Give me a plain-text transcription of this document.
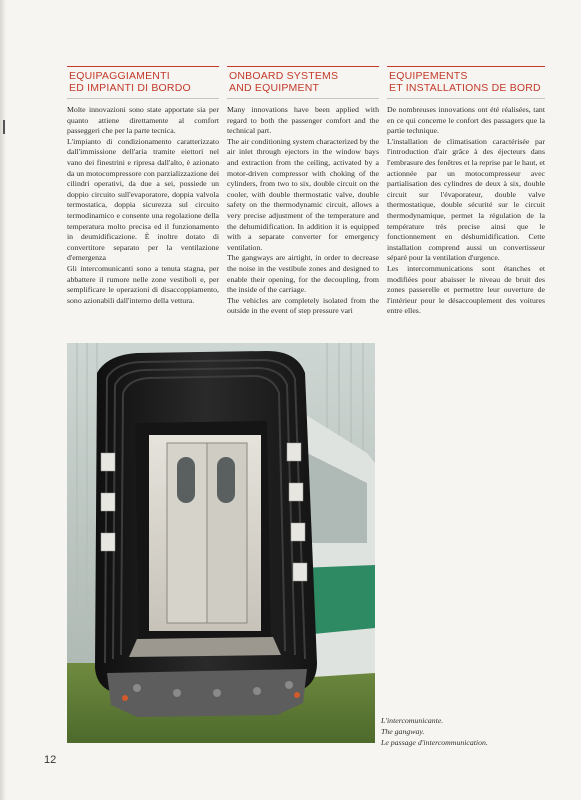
EQUIPAGGIAMENTI
ED IMPIANTI DI BORDO
Molte innovazioni sono state apportate sia per quanto attiene direttamente al comfort passeggeri che per la parte tecnica.
L'impianto di condizionamento caratterizzato dall'immissione dell'aria tramite eiettori nel vano dei finestrini e ripresa dall'alto, è azionato da un motocompressore con parzializzazione dei cilindri operativi, da due a sei, possiede un doppio circuito sull'evaporatore, doppia valvola termostatica, doppia sicurezza sul circuito termodinamico e consente una regolazione della temperatura molto precisa ed il funzionamento in deumidificazione. È inoltre dotato di convertitore separato per la ventilazione d'emergenza
Gli intercomunicanti sono a tenuta stagna, per abbattere il rumore nelle zone vestiboli e, per semplificare le operazioni di disaccoppiamento, sono azionabili dall'interno della vettura.
ONBOARD SYSTEMS
AND EQUIPMENT
Many innovations have been applied with regard to both the passenger comfort and the technical part.
The air conditioning system characterized by the air inlet through ejectors in the window bays and extraction from the ceiling, activated by a motor-driven compressor with choking of the cylinders, from two to six, double circuit on the cooler, with double thermostatic valve, double safety on the thermodynamic circuit, allows a very precise adjustment of the temperature and the dehumidification. In addition it is equipped with a separate converter for emergency ventilation.
The gangways are airtight, in order to decrease the noise in the vestibule zones and designed to enable their opening, for the decoupling, from the inside of the carriage.
The vehicles are completely isolated from the outside in the event of step pressure vari
EQUIPEMENTS
ET INSTALLATIONS DE BORD
De nombreuses innovations ont été réalisées, tant en ce qui concerne le confort des passagers que la partie technique.
L'installation de climatisation caractérisée par l'introduction d'air grâce à des éjecteurs dans l'embrasure des fenêtres et la reprise par le haut, et actionnée par un motocompresseur avec partialisation des cylindres de deux à six, double circuit sur l'évaporateur, double valve thermostatique, double sécurité sur le circuit thermodynamique, permet la régulation de la température très precise ainsi que le fonctionnement en déshumidification. Cette installation comprend aussi un convertisseur séparé pour la ventilation d'urgence.
Les intercommunications sont étanches et modifiées pour abaisser le niveau de bruit des zones passerelle et permettre leur ouverture de l'intérieur pour le désaccouplement des voitures entre elles.
L'intercomunicante.
The gangway.
Le passage d'intercommunication.
12
